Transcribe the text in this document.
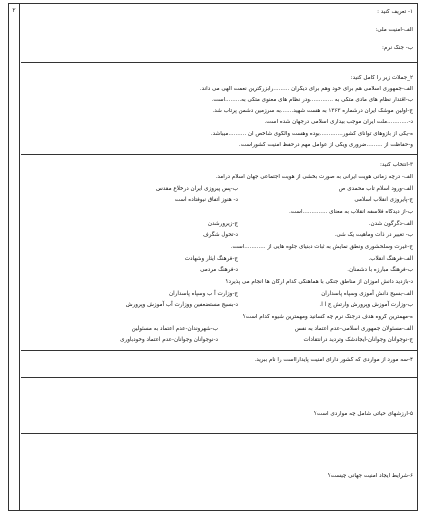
۲	۱- تعریف کنید :
الف-امنیت ملی:
ب- جنگ نرم:
۲_جملات زیر را کامل کنید:
الف-جمهوری اسلامی هم برای خود وهم برای دیگران .........رابزرگترین نعمت الهی می داند.
ب-اقتدار نظام های مادی متکی به .............ودر نظام های معنوی متکی به.........است.
ج-اولین موشک ایران درشماره ۱۳۶۳ به هست شهید.......به سرزمین دشمن پرتاب شد.
د-............ملت ایران موجب بیداری اسلامی درجهان شده است.
ه-یکی از بازوهای توانای کشور.............بوده وهست والگوی شاخص آن ..........میباشد.
و-حفاظت از .........ضروری ویکی از عوامل مهم درحفظ امنیت کشوراست.
۳-انتخاب کنید:
الف- درچه زمانی هویت ایرانی به صورت بخشی از هویت اجتماعی جهان اسلام درآمد.
الف-ورود اسلام تاب محمدی ص
ب-پس پیروزی ایران درخلاع مقدس
ج-پایروزی انقلاب اسلامی
د- هنوز اتفاق نیوفتاده است
ب-از دیدگاه فلاسفه انقلاب به معنای ..............است.
الف-دگرگون شدن.
ج-زیرورشدن
ب- تغییر در ذات وماهیت یک شی.
د-تحول شگرف
ج-غیرت وسلحشوری ونطق نمایش به ثبات دبنیای جلوه هایی از ............است.
الف-فرهنگ انقلاب.
ج-فرهنگ ایثار وشهادت
ب-فرهنگ مبارزه با دشمنان.
د-فرهنگ مردمی
د-بازدید دانش آموزان از مناطق جنگی با هماهنگی کدام ارگان ها انجام می پذیرد؟
الف-بسیج دانش آموزی وسپاه پاسداران
ج-وزارت آ ب وسپاه پاسداران
ب-وزارت آموزش وپرورش وارتش ج ا ا.
د-بسیج مستضعفین ووزارت آب آموزش وپرورش
ه-مهمترین گروه هدف درجنگ نرم چه کسانید ومهمترین شیوه کدام است؟
الف-مسئولان جمهوری اسلامی-عدم اعتماد به نفس
ب-شهروندان-عدم اعتماد به مسئولین
ج-نوجوانان وجوانان-ایجادشک وتردید درانتقادات
د-نوجوانان وجوانان-عدم اعتماد وخودباوری
۴-سه مورد از مواردی که کشور دارای امنیت پایدارااست را نام ببرید.
۵-ارزشهای حیاتی شامل چه مواردی است؟
۶-شرایط ایجاد امنیت جهانی چیست؟
